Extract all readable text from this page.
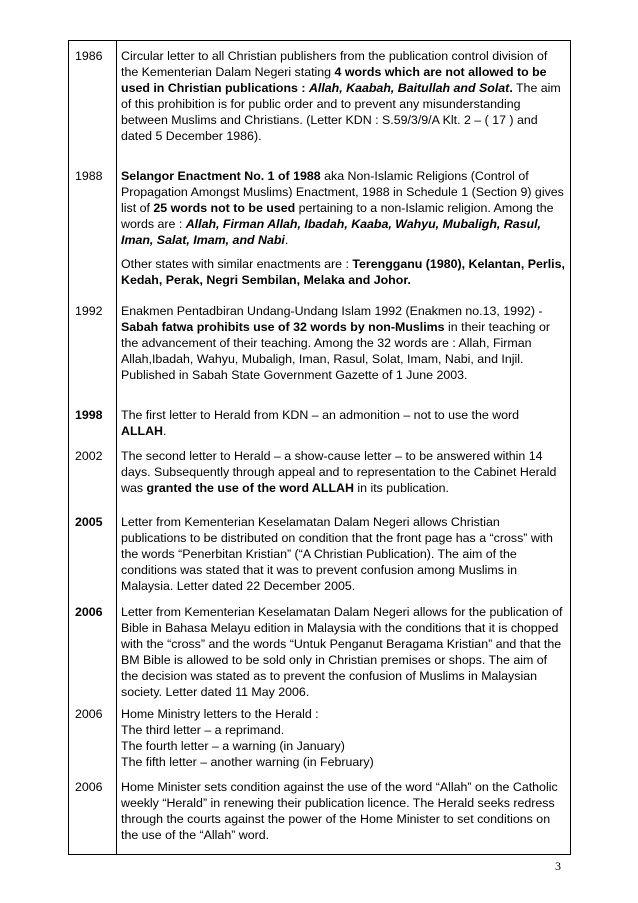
1986	Circular letter to all Christian publishers from the publication control division of the Kementerian Dalam Negeri stating 4 words which are not allowed to be used in Christian publications : Allah, Kaabah, Baitullah and Solat. The aim of this prohibition is for public order and to prevent any misunderstanding between Muslims and Christians. (Letter KDN : S.59/3/9/A Klt. 2 – ( 17 ) and dated 5 December 1986).

1988	Selangor Enactment No. 1 of 1988 aka Non-Islamic Religions (Control of Propagation Amongst Muslims) Enactment, 1988 in Schedule 1 (Section 9) gives list of 25 words not to be used pertaining to a non-Islamic religion. Among the words are : Allah, Firman Allah, Ibadah, Kaaba, Wahyu, Mubaligh, Rasul, Iman, Salat, Imam, and Nabi.

Other states with similar enactments are : Terengganu (1980), Kelantan, Perlis, Kedah, Perak, Negri Sembilan, Melaka and Johor.

1992	Enakmen Pentadbiran Undang-Undang Islam 1992 (Enakmen no.13, 1992) - Sabah fatwa prohibits use of 32 words by non-Muslims in their teaching or the advancement of their teaching. Among the 32 words are : Allah, Firman Allah,Ibadah, Wahyu, Mubaligh, Iman, Rasul, Solat, Imam, Nabi, and Injil. Published in Sabah State Government Gazette of 1 June 2003.

1998	The first letter to Herald from KDN – an admonition – not to use the word ALLAH.

2002	The second letter to Herald – a show-cause letter – to be answered within 14 days. Subsequently through appeal and to representation to the Cabinet Herald was granted the use of the word ALLAH in its publication.

2005	Letter from Kementerian Keselamatan Dalam Negeri allows Christian publications to be distributed on condition that the front page has a “cross” with the words “Penerbitan Kristian” (“A Christian Publication). The aim of the conditions was stated that it was to prevent confusion among Muslims in Malaysia. Letter dated 22 December 2005.

2006	Letter from Kementerian Keselamatan Dalam Negeri allows for the publication of Bible in Bahasa Melayu edition in Malaysia with the conditions that it is chopped with the “cross” and the words “Untuk Penganut Beragama Kristian” and that the BM Bible is allowed to be sold only in Christian premises or shops. The aim of the decision was stated as to prevent the confusion of Muslims in Malaysian society. Letter dated 11 May 2006.

2006	Home Ministry letters to the Herald :

The third letter – a reprimand.

The fourth letter – a warning (in January)

The fifth letter – another warning (in February)

2006	Home Minister sets condition against the use of the word “Allah” on the Catholic weekly “Herald” in renewing their publication licence. The Herald seeks redress through the courts against the power of the Home Minister to set conditions on the use of the “Allah” word.

3
